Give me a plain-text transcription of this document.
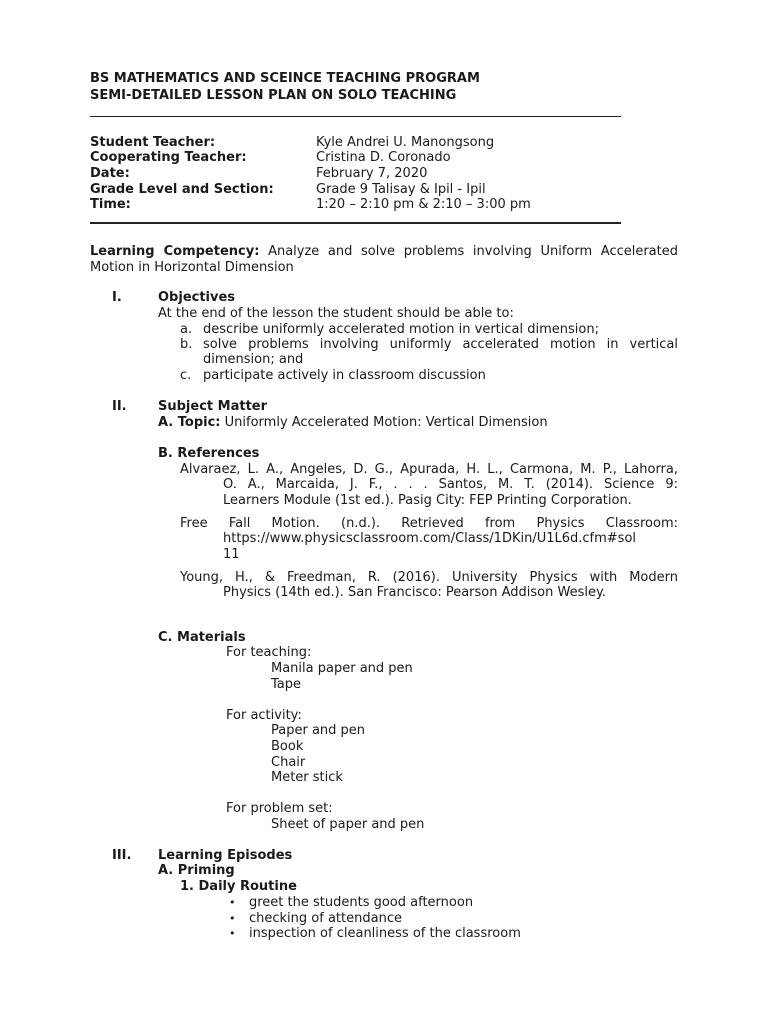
BS MATHEMATICS AND SCEINCE TEACHING PROGRAM
SEMI-DETAILED LESSON PLAN ON SOLO TEACHING
Student Teacher:	Kyle Andrei U. Manongsong
Cooperating Teacher:	Cristina D. Coronado
Date:	February 7, 2020
Grade Level and Section:	Grade 9 Talisay & Ipil - Ipil
Time:	1:20 – 2:10 pm & 2:10 – 3:00 pm
Learning Competency: Analyze and solve problems involving Uniform Accelerated
Motion in Horizontal Dimension
I.	Objectives
At the end of the lesson the student should be able to:
a. describe uniformly accelerated motion in vertical dimension;
b. solve problems involving uniformly accelerated motion in vertical
dimension; and
c. participate actively in classroom discussion
II. Subject Matter
A. Topic: Uniformly Accelerated Motion: Vertical Dimension
B. References
Alvaraez, L. A., Angeles, D. G., Apurada, H. L., Carmona, M. P., Lahorra,
O. A., Marcaida, J. F., . . . Santos, M. T. (2014). Science 9:
Learners Module (1st ed.). Pasig City: FEP Printing Corporation.
Free Fall Motion. (n.d.). Retrieved from Physics Classroom:
https://www.physicsclassroom.com/Class/1DKin/U1L6d.cfm#sol
11
Young, H., & Freedman, R. (2016). University Physics with Modern
Physics (14th ed.). San Francisco: Pearson Addison Wesley.
C. Materials
For teaching:
Manila paper and pen
Tape
For activity:
Paper and pen
Book
Chair
Meter stick
For problem set:
Sheet of paper and pen
III. Learning Episodes
A. Priming
1. Daily Routine
• greet the students good afternoon
• checking of attendance
• inspection of cleanliness of the classroom
